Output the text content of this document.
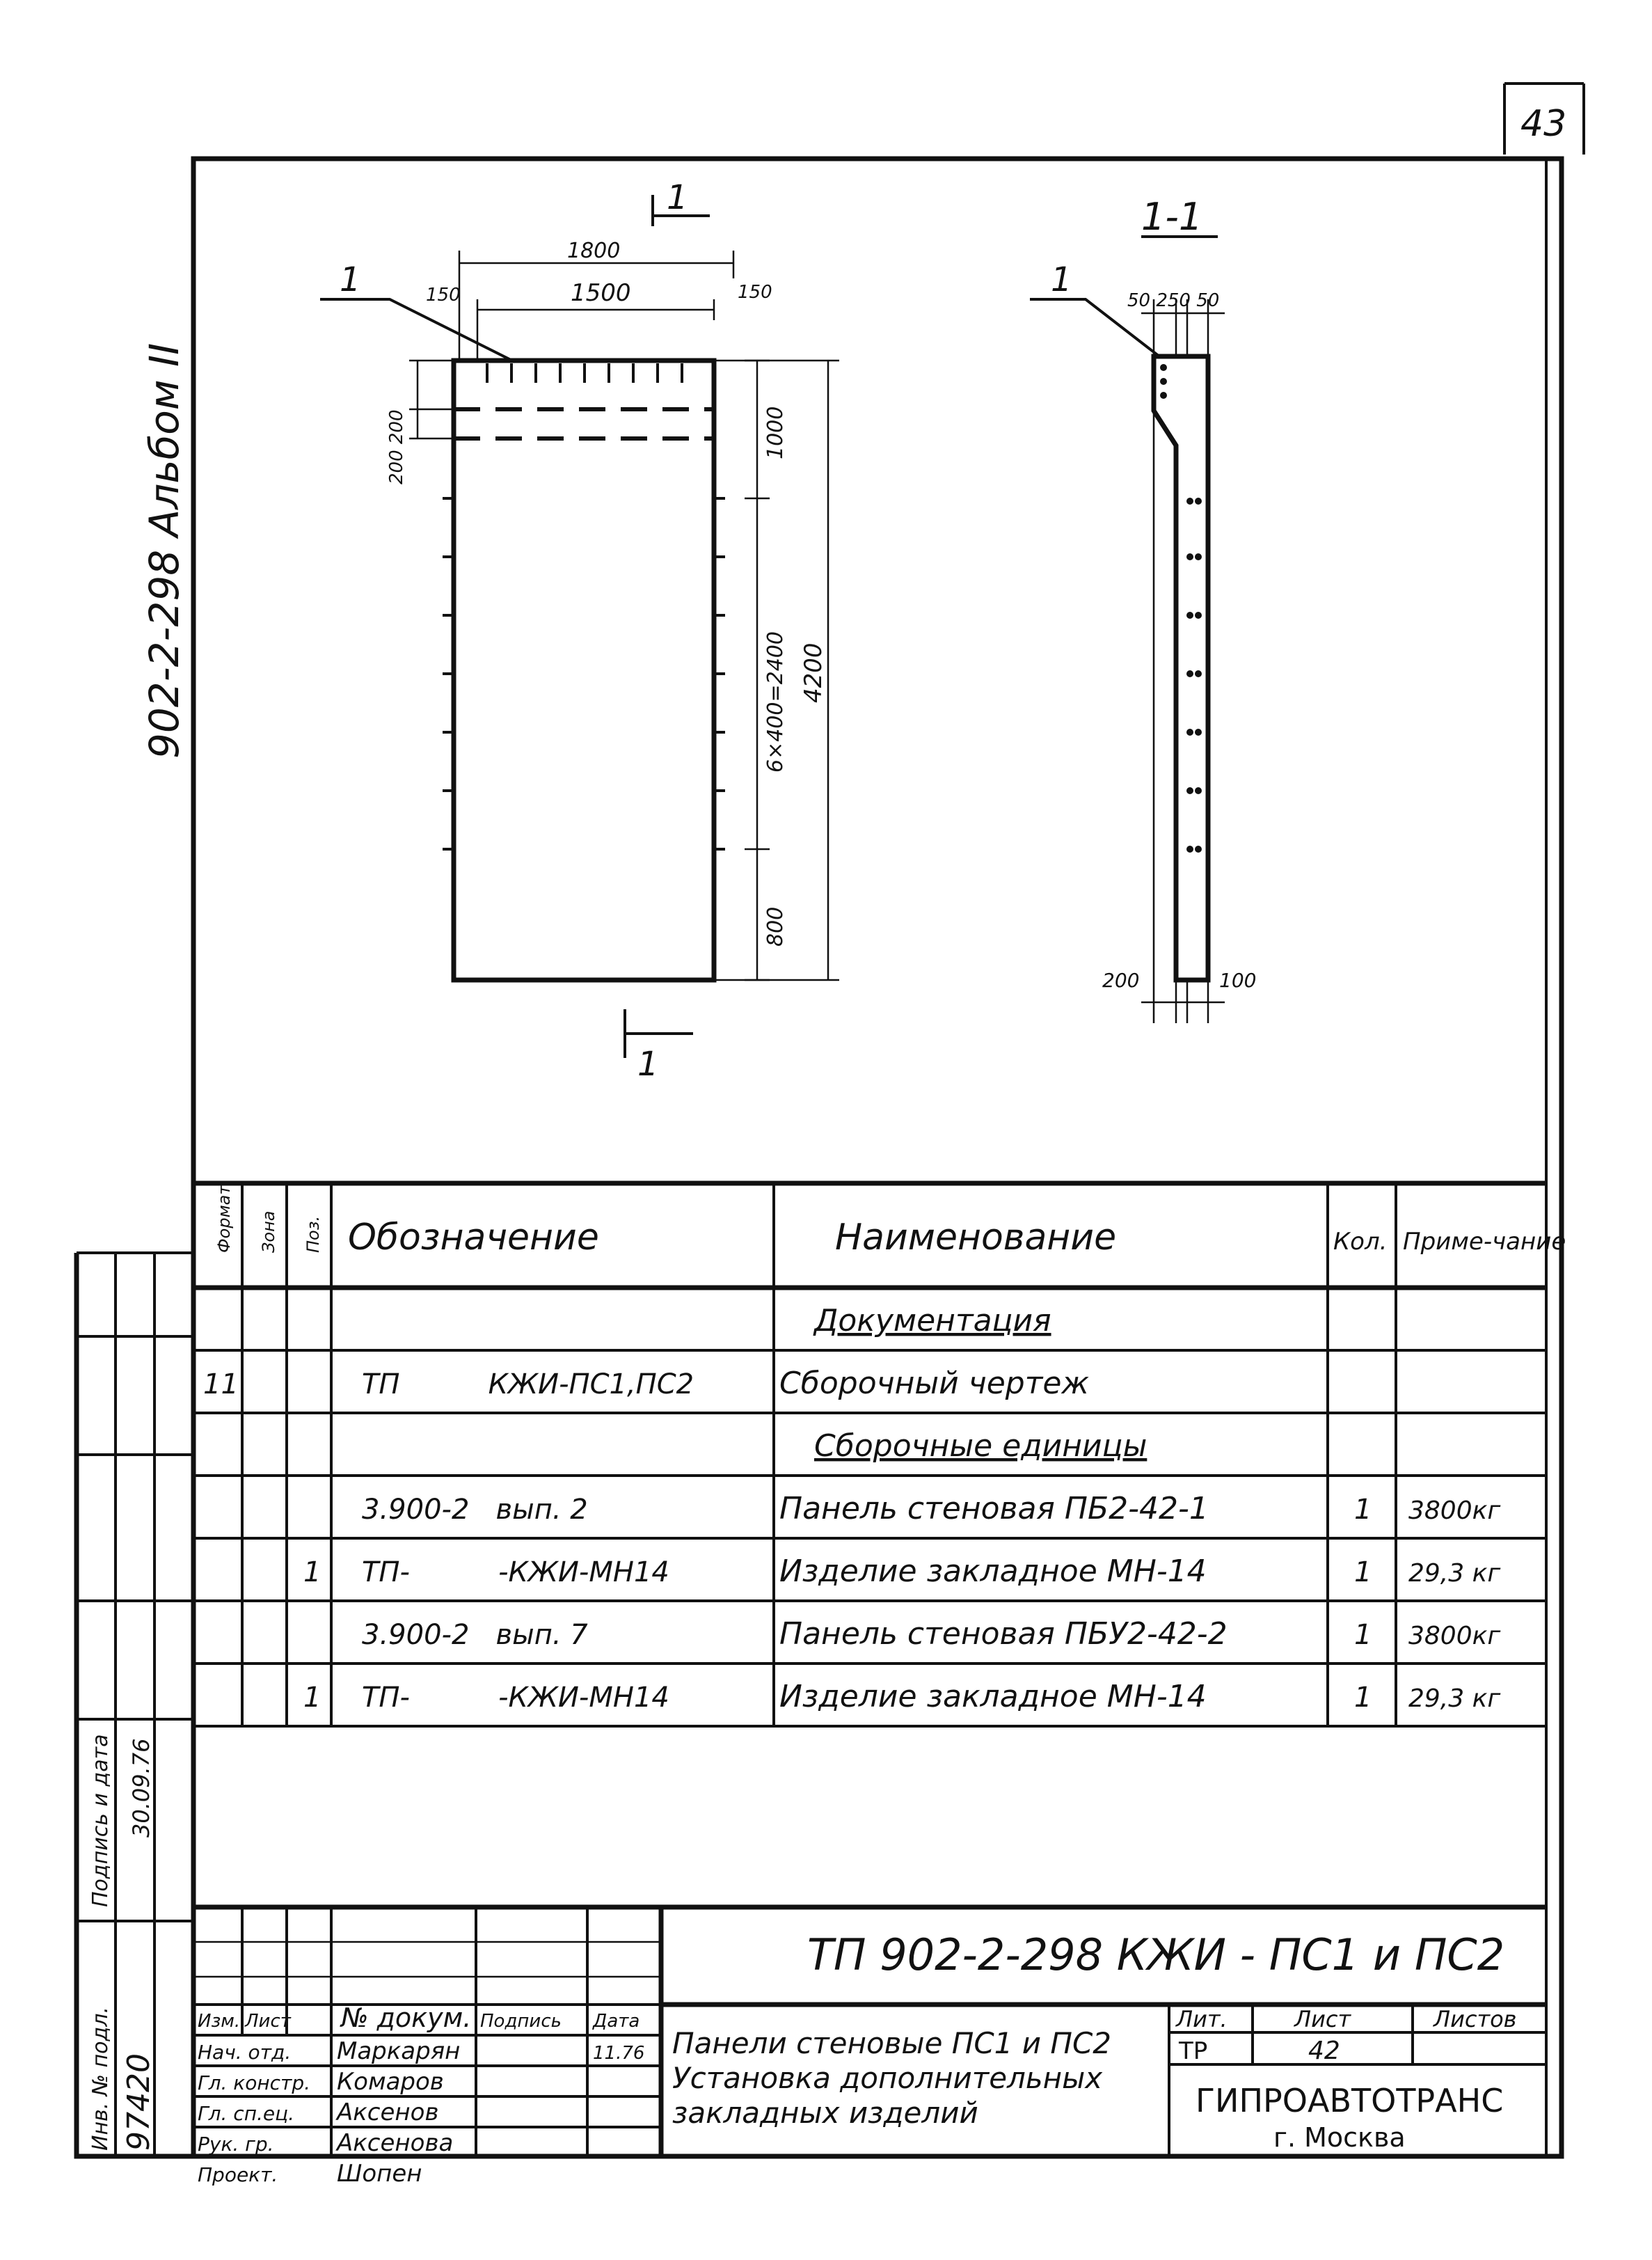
43
902-2-298 Альбом II
1
1800
1500
150	150
1
200 200	1000
6×400=2400
800
4200
1
1-1
1
50 250 50
200	100
Формат Зона Поз. Обозначение	Наименование	Кол. Приме-чание
Документация
11	ТП          КЖИ-ПС1,ПС2	Сборочный чертеж
Сборочные единицы
3.900-2   вып. 2	Панель стеновая ПБ2-42-1	1 3800кг
1 ТП-          -КЖИ-МН14	Изделие закладное МН-14	1 29,3 кг
3.900-2   вып. 7	Панель стеновая ПБУ2-42-2	1 3800кг
1 ТП-          -КЖИ-МН14	Изделие закладное МН-14	1 29,3 кг
Изм. Лист № докум. Подпись Дата
Нач. отд. Маркарян	11.76
Гл. констр. Комаров
Гл. сп.ец. Аксенов
Рук. гр.	Аксенова
Проект. Шопен
ТП 902-2-298 КЖИ - ПС1 и ПС2
Панели стеновые ПС1 и ПС2
Установка дополнительных
закладных изделий
Лит.	Лист	Листов
ТР	42
ГИПРОАВТОТРАНС
г. Москва
Инв. № подл. 97420
Подпись и дата 30.09.76
